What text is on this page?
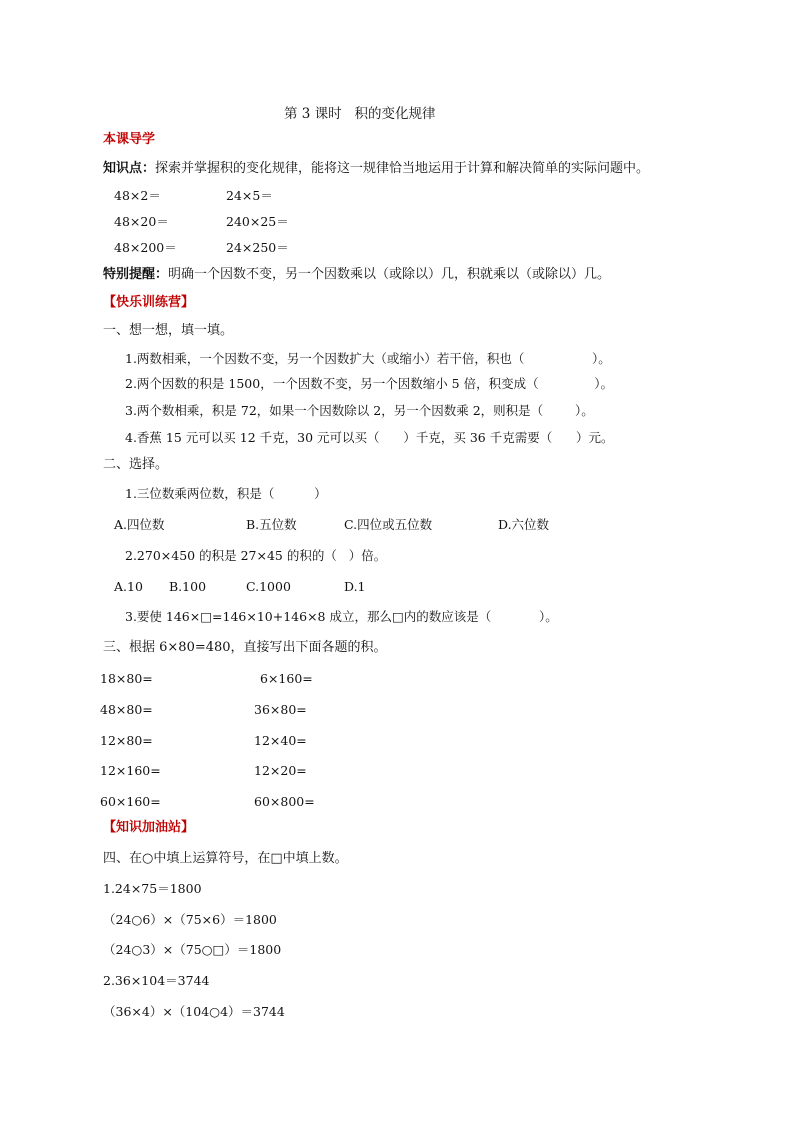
第 3 课时   积的变化规律
本课导学
知识点：探索并掌握积的变化规律，能将这一规律恰当地运用于计算和解决简单的实际问题中。
48×2＝	24×5＝
48×20＝	240×25＝
48×200＝	24×250＝
特别提醒：明确一个因数不变，另一个因数乘以（或除以）几，积就乘以（或除以）几。
【快乐训练营】
一、想一想，填一填。
1.两数相乘，一个因数不变，另一个因数扩大（或缩小）若干倍，积也（                 ）。
2.两个因数的积是 1500，一个因数不变，另一个因数缩小 5 倍，积变成（              ）。
3.两个数相乘，积是 72，如果一个因数除以 2，另一个因数乘 2，则积是（        ）。
4.香蕉 15 元可以买 12 千克，30 元可以买（      ）千克，买 36 千克需要（      ）元。
二、选择。
1.三位数乘两位数，积是（          ）
A.四位数	B.五位数	C.四位或五位数	D.六位数
2.270×450 的积是 27×45 的积的（   ）倍。
A.10 B.100	C.1000	D.1
3.要使 146×□=146×10+146×8 成立，那么□内的数应该是（            ）。
三、根据 6×80=480，直接写出下面各题的积。
18×80=	6×160=
48×80=	36×80=
12×80=	12×40=
12×160=	12×20=
60×160=	60×800=
【知识加油站】
四、在○中填上运算符号，在□中填上数。
1.24×75＝1800
（24○6）×（75×6）＝1800
（24○3）×（75○□）＝1800
2.36×104＝3744
（36×4）×（104○4）＝3744
